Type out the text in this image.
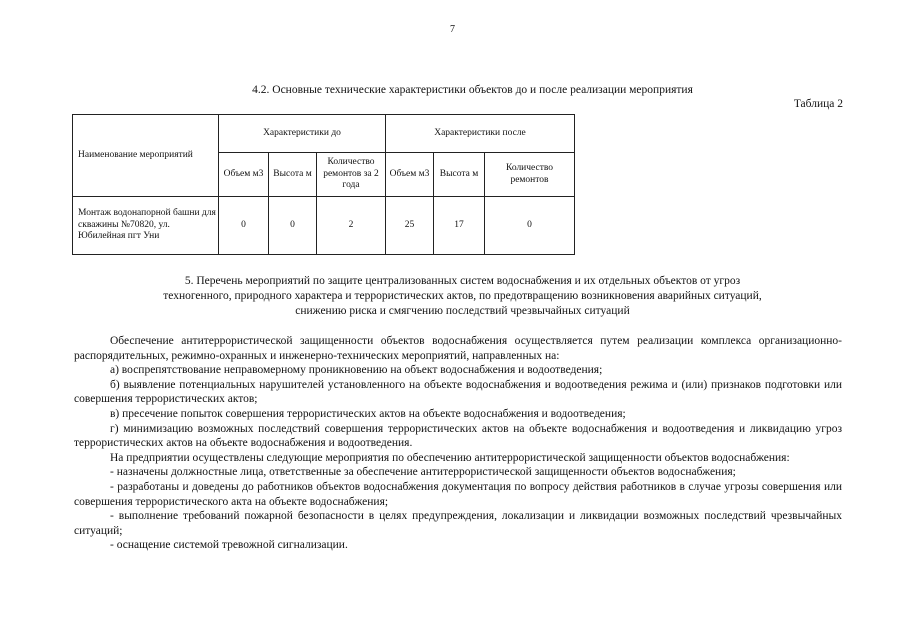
7
4.2. Основные технические характеристики объектов до и после реализации мероприятия
Таблица 2
Наименование мероприятий	Характеристики до			Характеристики после		
	Объем м3	Высота м	Количество ремонтов за 2 года	Объем м3	Высота м	Количество ремонтов
Монтаж водонапорной башни для скважины №70820, ул. Юбилейная пгт Уни	0	0	2	25	17	0
5. Перечень мероприятий по защите централизованных систем водоснабжения и их отдельных объектов от угроз
техногенного, природного характера и террористических актов, по предотвращению возникновения аварийных ситуаций,
снижению риска и смягчению последствий чрезвычайных ситуаций

Обеспечение антитеррористической защищенности объектов водоснабжения осуществляется путем реализации комплекса организационно-распорядительных, режимно-охранных и инженерно-технических мероприятий, направленных на:

а) воспрепятствование неправомерному проникновению на объект водоснабжения и водоотведения;

б) выявление потенциальных нарушителей установленного на объекте водоснабжения и водоотведения режима и (или) признаков подготовки или совершения террористических актов;

в) пресечение попыток совершения террористических актов на объекте водоснабжения и водоотведения;

г) минимизацию возможных последствий совершения террористических актов на объекте водоснабжения и водоотведения и ликвидацию угроз террористических актов на объекте водоснабжения и водоотведения.

На предприятии осуществлены следующие мероприятия по обеспечению антитеррористической защищенности объектов водоснабжения:

- назначены должностные лица, ответственные за обеспечение антитеррористической защищенности объектов водоснабжения;

- разработаны и доведены до работников объектов водоснабжения документация по вопросу действия работников в случае угрозы совершения или совершения террористического акта на объекте водоснабжения;

- выполнение требований пожарной безопасности в целях предупреждения, локализации и ликвидации возможных последствий чрезвычайных ситуаций;

- оснащение системой тревожной сигнализации.
